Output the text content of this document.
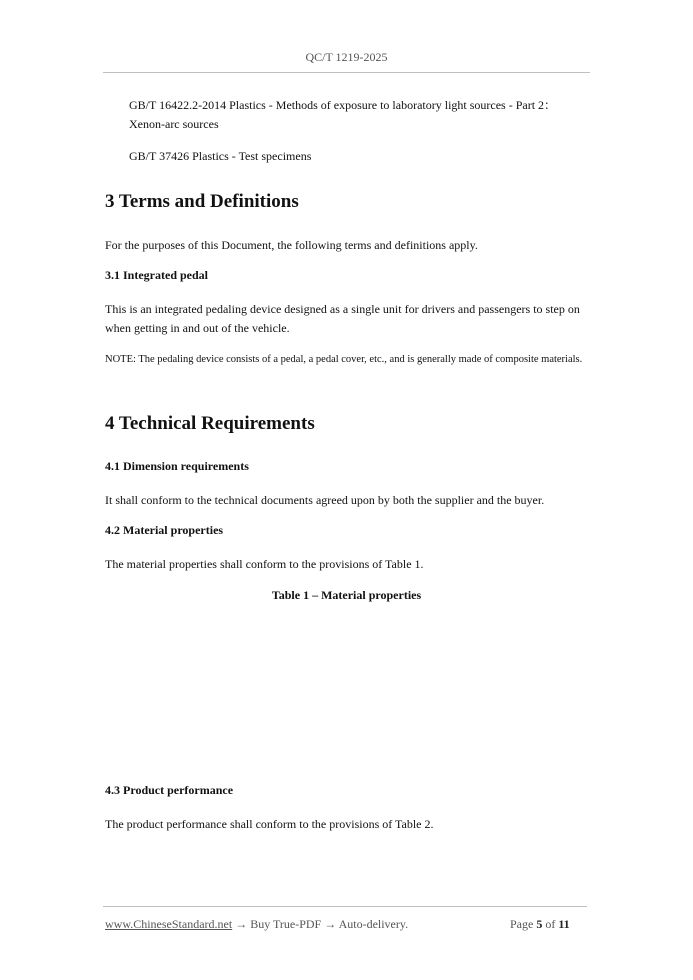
QC/T 1219-2025

GB/T 16422.2-2014 Plastics - Methods of exposure to laboratory light sources - Part 2： Xenon-arc sources

GB/T 37426 Plastics - Test specimens

3 Terms and Definitions

For the purposes of this Document, the following terms and definitions apply.

3.1 Integrated pedal

This is an integrated pedaling device designed as a single unit for drivers and passengers to step on when getting in and out of the vehicle.

NOTE: The pedaling device consists of a pedal, a pedal cover, etc., and is generally made of composite materials.

4 Technical Requirements
4.1 Dimension requirements

It shall conform to the technical documents agreed upon by both the supplier and the buyer.

4.2 Material properties

The material properties shall conform to the provisions of Table 1.

Table 1 – Material properties

4.3 Product performance

The product performance shall conform to the provisions of Table 2.

www.ChineseStandard.net → Buy True-PDF → Auto-delivery.	Page 5 of 11
